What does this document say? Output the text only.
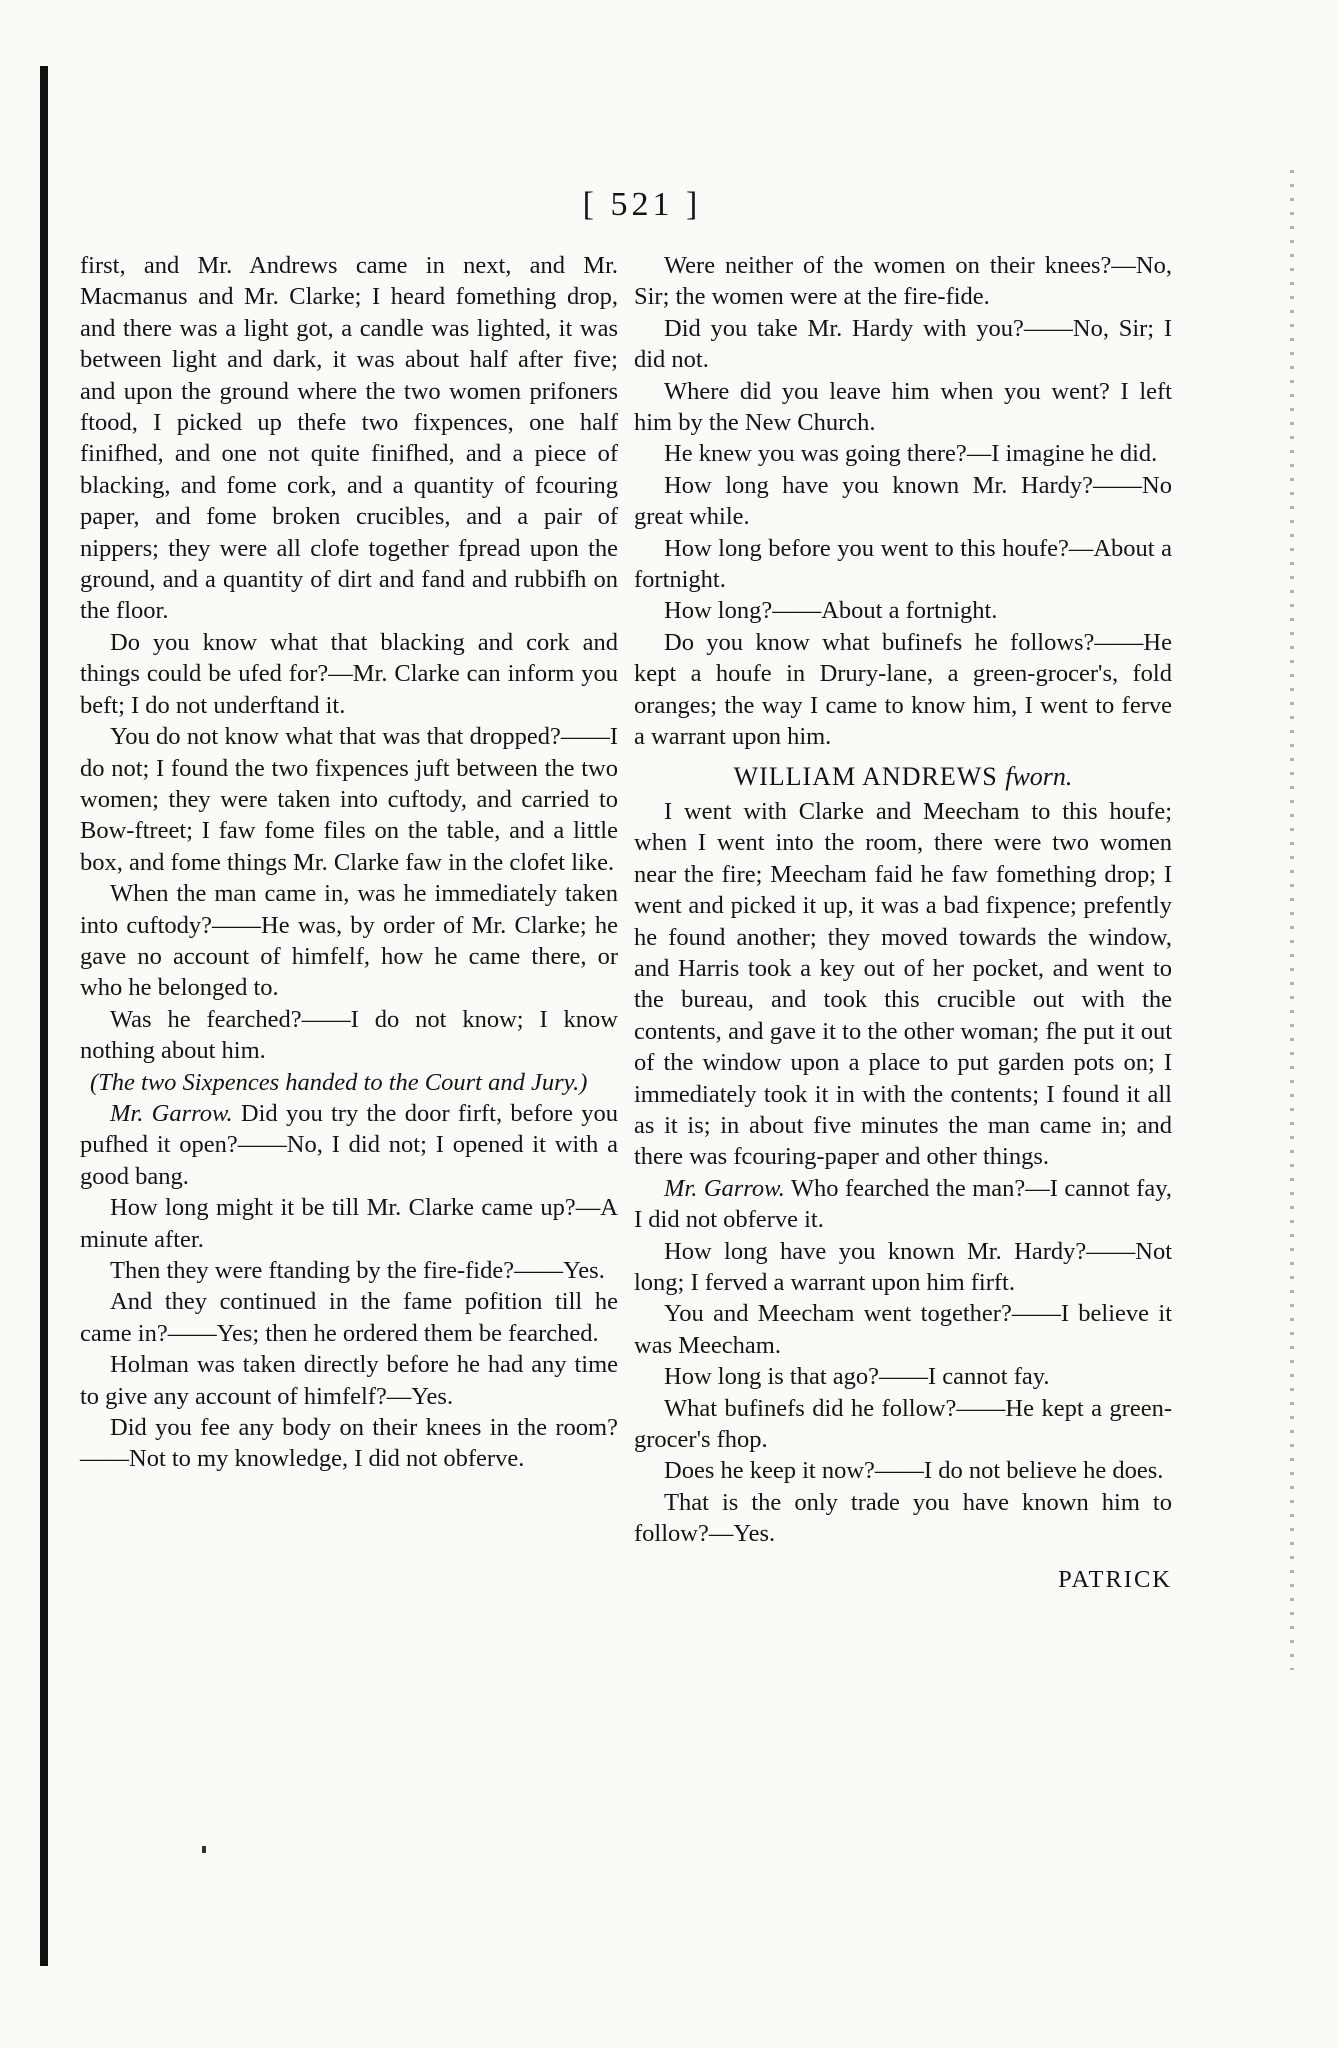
[ 521 ]

first, and Mr. Andrews came in next, and Mr. Macmanus and Mr. Clarke; I heard fomething drop, and there was a light got, a candle was lighted, it was between light and dark, it was about half after five; and upon the ground where the two women prifoners ftood, I picked up thefe two fixpences, one half finifhed, and one not quite finifhed, and a piece of blacking, and fome cork, and a quantity of fcouring paper, and fome broken crucibles, and a pair of nippers; they were all clofe together fpread upon the ground, and a quantity of dirt and fand and rubbifh on the floor.

Do you know what that blacking and cork and things could be ufed for?—Mr. Clarke can inform you beft; I do not underftand it.

You do not know what that was that dropped?——I do not; I found the two fixpences juft between the two women; they were taken into cuftody, and carried to Bow-ftreet; I faw fome files on the table, and a little box, and fome things Mr. Clarke faw in the clofet like.

When the man came in, was he immediately taken into cuftody?——He was, by order of Mr. Clarke; he gave no account of himfelf, how he came there, or who he belonged to.

Was he fearched?——I do not know; I know nothing about him.

(The two Sixpences handed to the Court and Jury.)

Mr. Garrow. Did you try the door firft, before you pufhed it open?——No, I did not; I opened it with a good bang.

How long might it be till Mr. Clarke came up?—A minute after.

Then they were ftanding by the fire-fide?——Yes.

And they continued in the fame pofition till he came in?——Yes; then he ordered them be fearched.

Holman was taken directly before he had any time to give any account of himfelf?—Yes.

Did you fee any body on their knees in the room?——Not to my knowledge, I did not obferve.

Were neither of the women on their knees?—No, Sir; the women were at the fire-fide.

Did you take Mr. Hardy with you?——No, Sir; I did not.

Where did you leave him when you went? I left him by the New Church.

He knew you was going there?—I imagine he did.

How long have you known Mr. Hardy?——No great while.

How long before you went to this houfe?—About a fortnight.

How long?——About a fortnight.

Do you know what bufinefs he follows?——He kept a houfe in Drury-lane, a green-grocer's, fold oranges; the way I came to know him, I went to ferve a warrant upon him.

WILLIAM ANDREWS fworn.

I went with Clarke and Meecham to this houfe; when I went into the room, there were two women near the fire; Meecham faid he faw fomething drop; I went and picked it up, it was a bad fixpence; prefently he found another; they moved towards the window, and Harris took a key out of her pocket, and went to the bureau, and took this crucible out with the contents, and gave it to the other woman; fhe put it out of the window upon a place to put garden pots on; I immediately took it in with the contents; I found it all as it is; in about five minutes the man came in; and there was fcouring-paper and other things.

Mr. Garrow. Who fearched the man?—I cannot fay, I did not obferve it.

How long have you known Mr. Hardy?——Not long; I ferved a warrant upon him firft.

You and Meecham went together?——I believe it was Meecham.

How long is that ago?——I cannot fay.

What bufinefs did he follow?——He kept a green-grocer's fhop.

Does he keep it now?——I do not believe he does.

That is the only trade you have known him to follow?—Yes.

PATRICK
